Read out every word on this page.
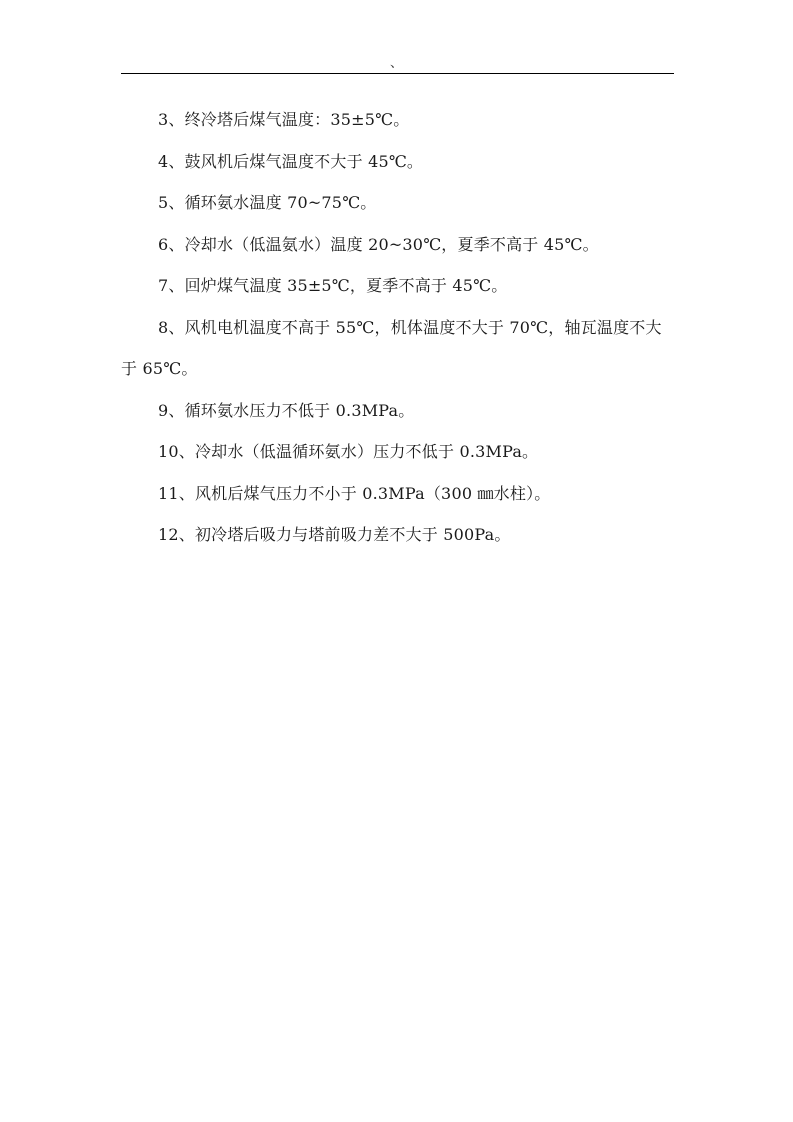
、

3、终冷塔后煤气温度：35±5℃。

4、鼓风机后煤气温度不大于 45℃。

5、循环氨水温度 70~75℃。

6、冷却水（低温氨水）温度 20~30℃，夏季不高于 45℃。

7、回炉煤气温度 35±5℃，夏季不高于 45℃。

8、风机电机温度不高于 55℃，机体温度不大于 70℃，轴瓦温度不大于 65℃。

9、循环氨水压力不低于 0.3MPa。

10、冷却水（低温循环氨水）压力不低于 0.3MPa。

11、风机后煤气压力不小于 0.3MPa（300 ㎜水柱）。

12、初冷塔后吸力与塔前吸力差不大于 500Pa。
